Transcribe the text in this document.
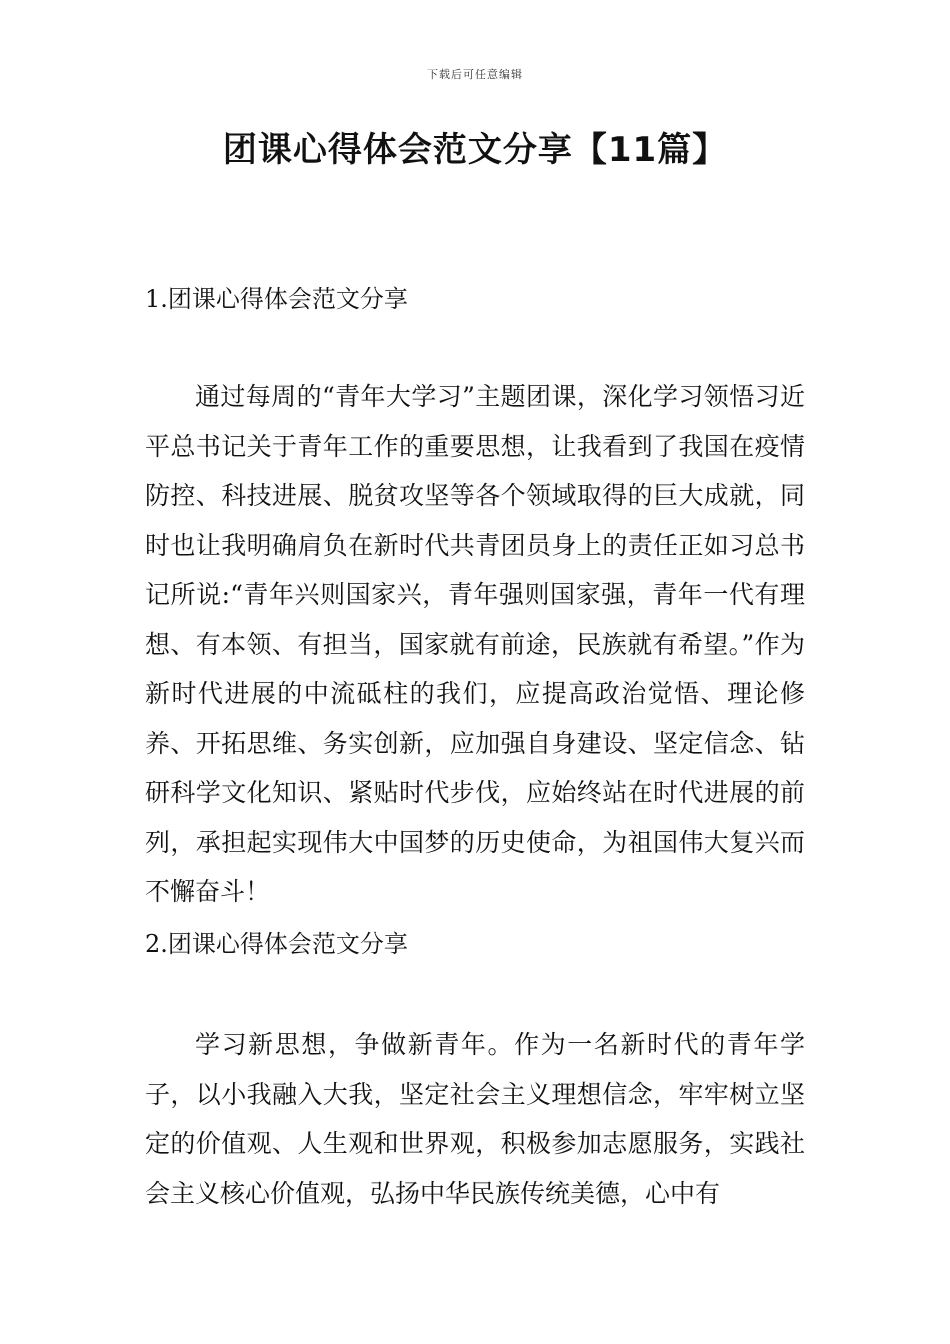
下载后可任意编辑
团课心得体会范文分享【11篇】
1.团课心得体会范文分享

通过每周的“青年大学习”主题团课，深化学习领悟习近平总书记关于青年工作的重要思想，让我看到了我国在疫情防控、科技进展、脱贫攻坚等各个领域取得的巨大成就，同时也让我明确肩负在新时代共青团员身上的责任正如习总书记所说:“青年兴则国家兴，青年强则国家强，青年一代有理想、有本领、有担当，国家就有前途，民族就有希望。”作为新时代进展的中流砥柱的我们，应提高政治觉悟、理论修养、开拓思维、务实创新，应加强自身建设、坚定信念、钻研科学文化知识、紧贴时代步伐，应始终站在时代进展的前列，承担起实现伟大中国梦的历史使命，为祖国伟大复兴而不懈奋斗！

2.团课心得体会范文分享

学习新思想，争做新青年。作为一名新时代的青年学子，以小我融入大我，坚定社会主义理想信念，牢牢树立坚定的价值观、人生观和世界观，积极参加志愿服务，实践社会主义核心价值观，弘扬中华民族传统美德，心中有
